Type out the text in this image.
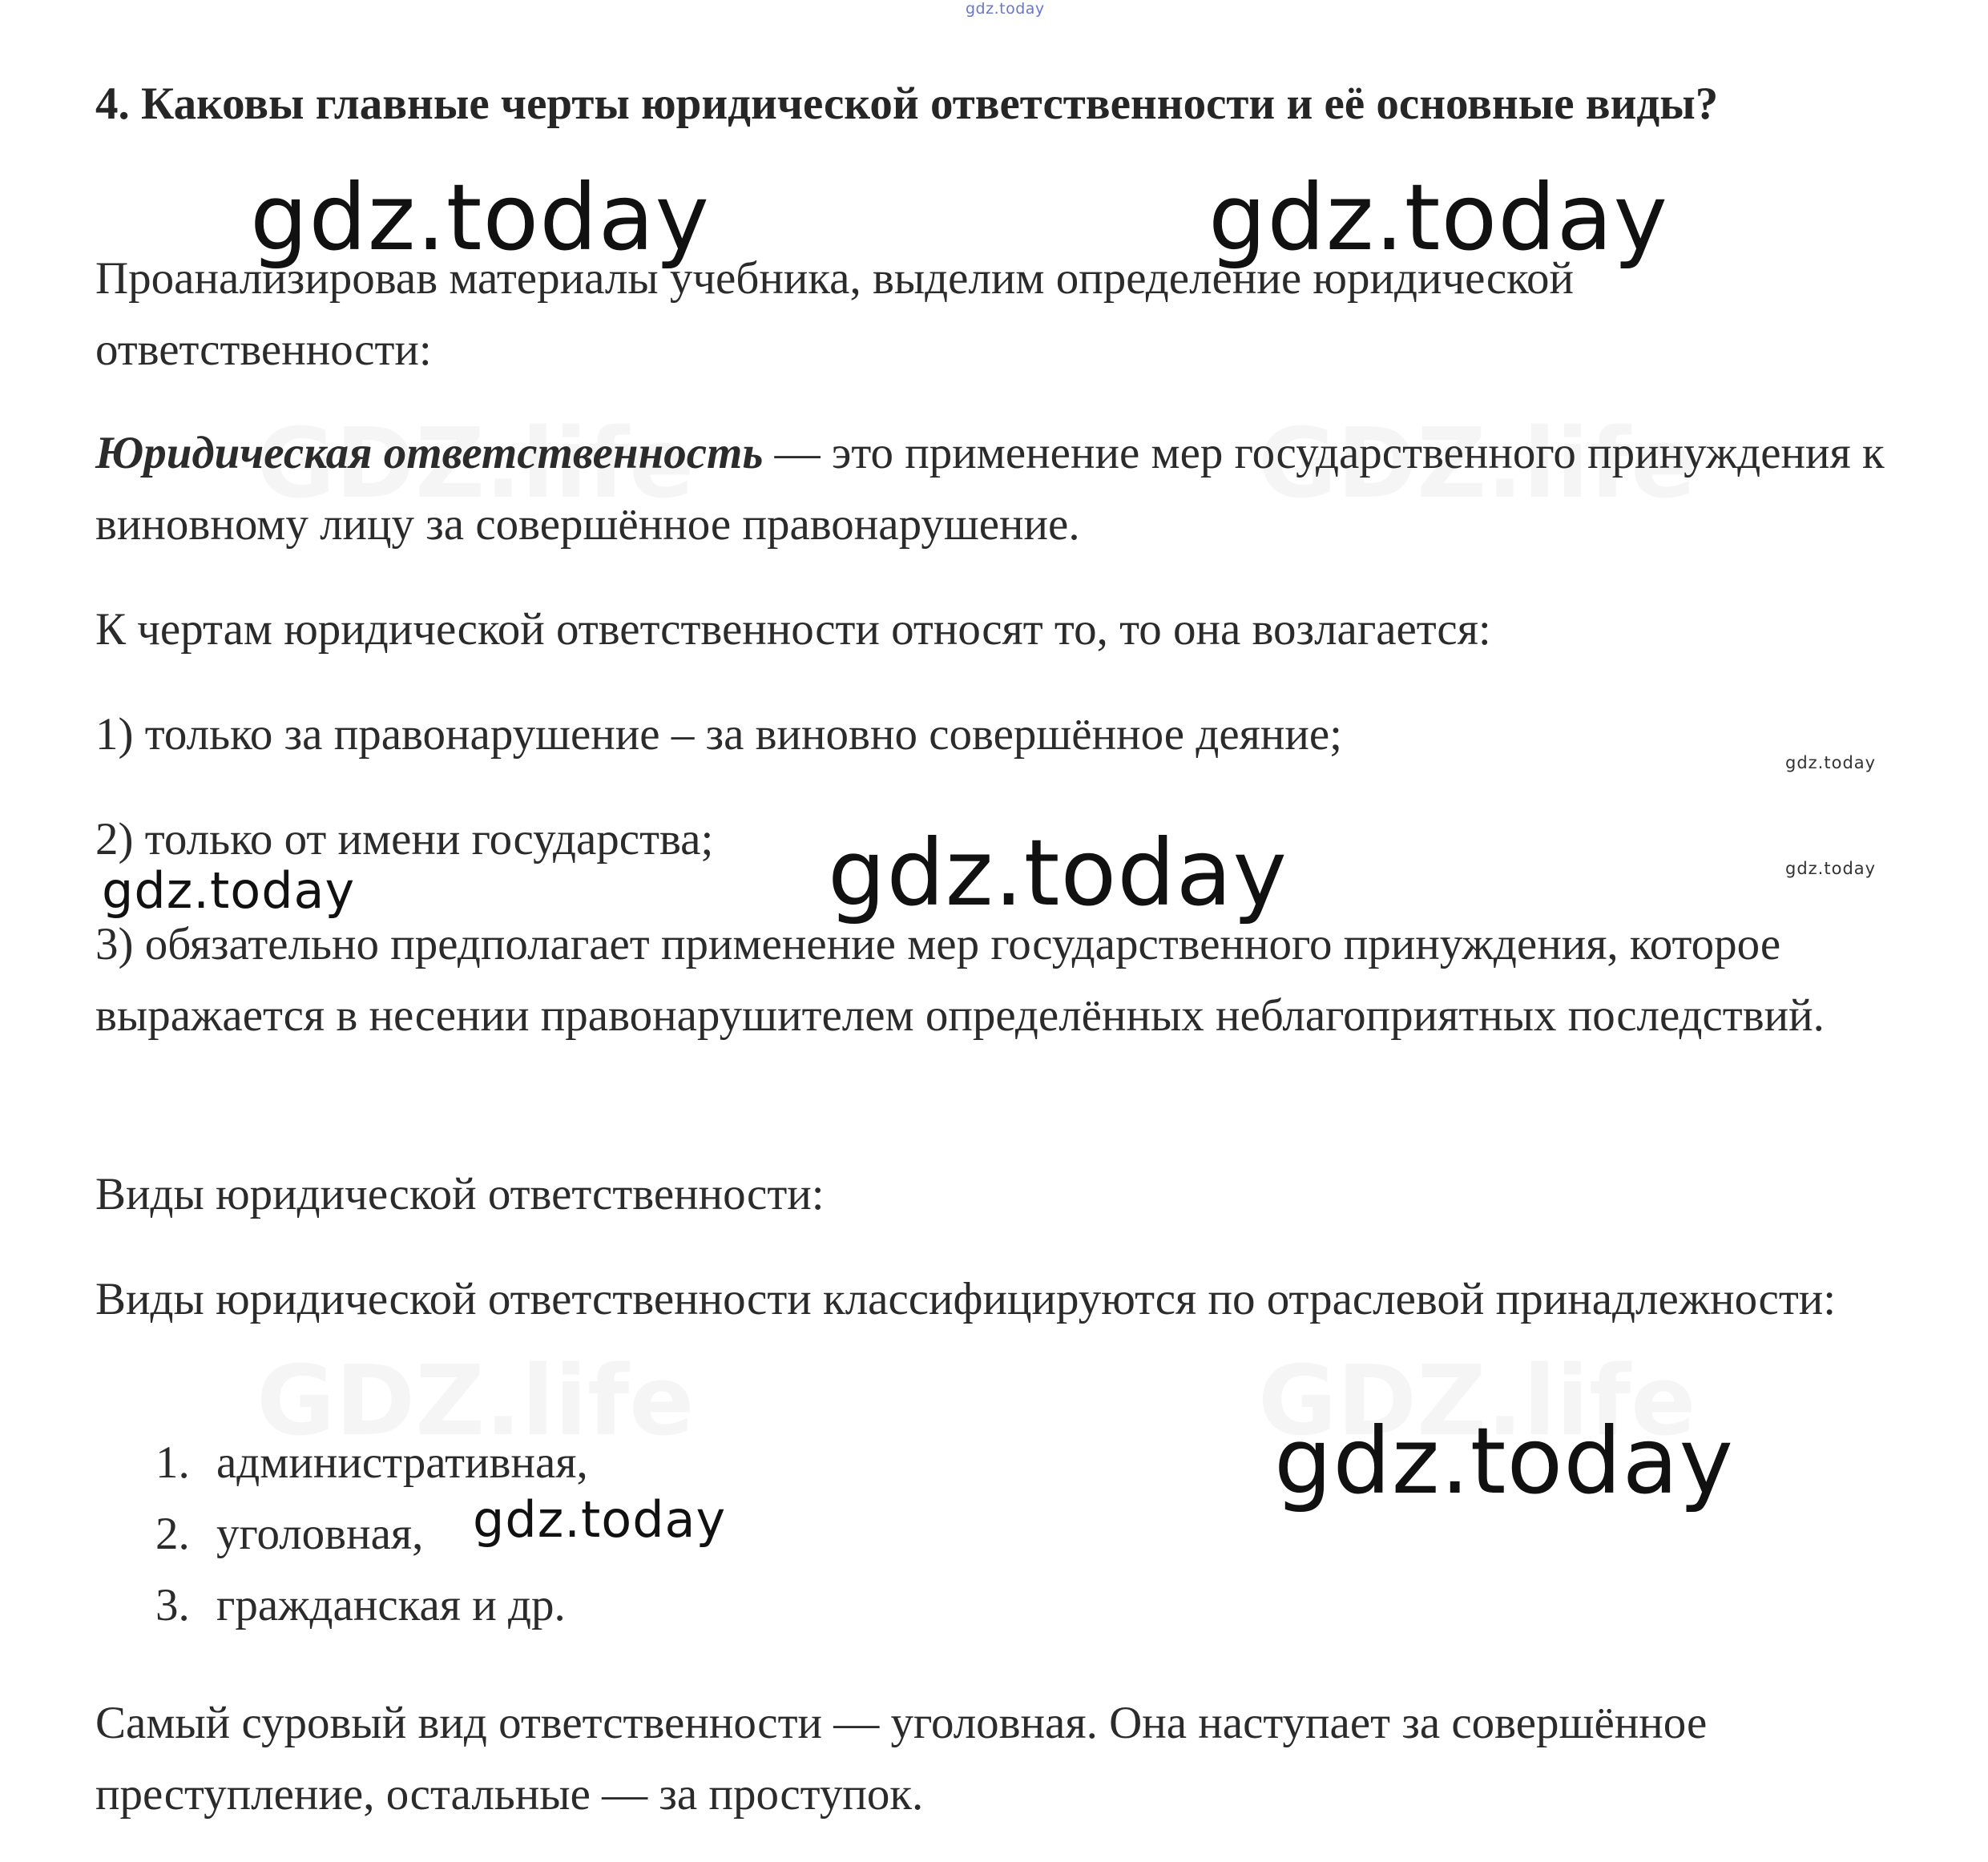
gdz.today
4. Каковы главные черты юридической ответственности и её основные виды?
Проанализировав материалы учебника, выделим определение юридической ответственности:
Юридическая ответственность — это применение мер государственного принуждения к виновному лицу за совершённое правонарушение.
К чертам юридической ответственности относят то, то она возлагается:
1) только за правонарушение – за виновно совершённое деяние;
2) только от имени государства;
3) обязательно предполагает применение мер государственного принуждения, которое выражается в несении правонарушителем определённых неблагоприятных последствий.
Виды юридической ответственности:
Виды юридической ответственности классифицируются по отраслевой принадлежности:
1. административная,
2. уголовная,
3. гражданская и др.
Самый суровый вид ответственности — уголовная. Она наступает за совершённое преступление, остальные — за проступок.
gdz.today	gdz.today
gdz.today
gdz.today
gdz.today
gdz.today
gdz.today
gdz.today
